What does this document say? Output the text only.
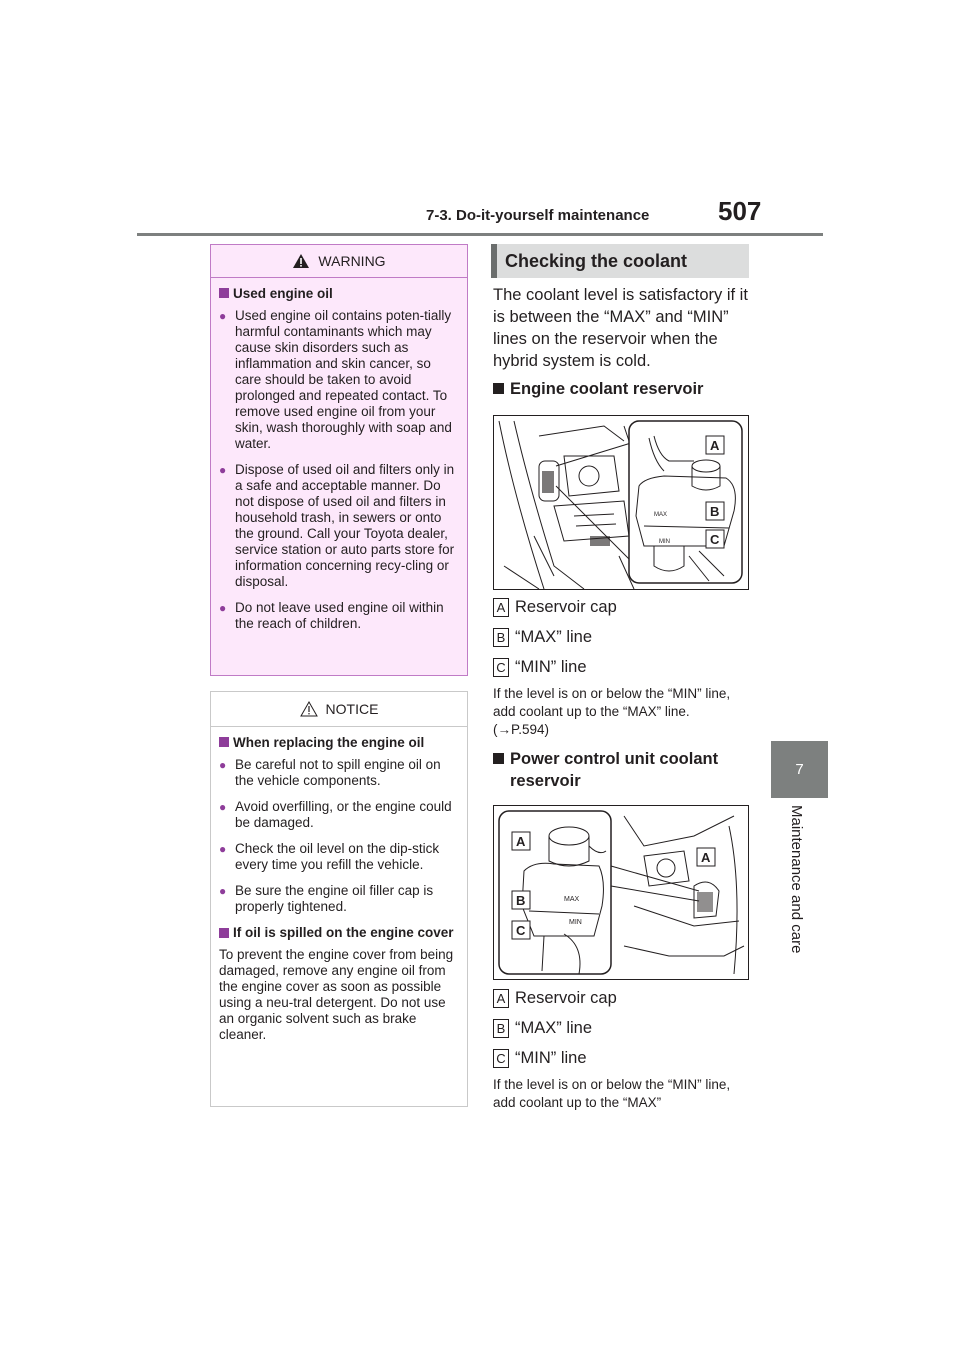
7-3. Do-it-yourself maintenance	507
7
Maintenance and care
WARNING
Used engine oil
● Used engine oil contains poten-tially harmful contaminants which may cause skin disorders such as inflammation and skin cancer, so care should be taken to avoid prolonged and repeated contact. To remove used engine oil from your skin, wash thoroughly with soap and water.
● Dispose of used oil and filters only in a safe and acceptable manner. Do not dispose of used oil and filters in household trash, in sewers or onto the ground. Call your Toyota dealer, service station or auto parts store for information concerning recy-cling or disposal.
● Do not leave used engine oil within the reach of children.
NOTICE
When replacing the engine oil
● Be careful not to spill engine oil on the vehicle components.
● Avoid overfilling, or the engine could be damaged.
● Check the oil level on the dip-stick every time you refill the vehicle.
● Be sure the engine oil filler cap is properly tightened.
If oil is spilled on the engine cover
To prevent the engine cover from being damaged, remove any engine oil from the engine cover as soon as possible using a neu-tral detergent. Do not use an organic solvent such as brake cleaner.
Checking the coolant
The coolant level is satisfactory if it is between the “MAX” and “MIN” lines on the reservoir when the hybrid system is cold.
Engine coolant reservoir
MAX
MIN
A
B
C
A Reservoir cap
B “MAX” line
C “MIN” line
If the level is on or below the “MIN” line, add coolant up to the “MAX” line. (→P.594)
Power control unit coolant
reservoir
MAX
MIN
A
A
B
C
A Reservoir cap
B “MAX” line
C “MIN” line
If the level is on or below the “MIN” line, add coolant up to the “MAX”
